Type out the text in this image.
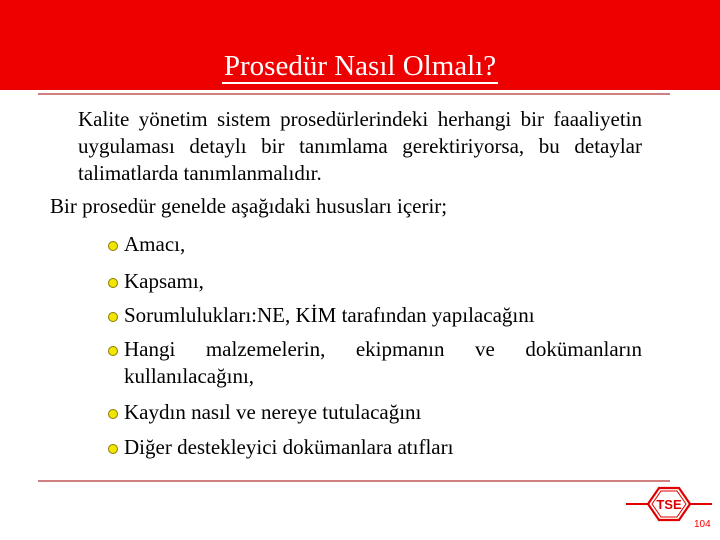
Prosedür Nasıl Olmalı?
Kalite yönetim sistem prosedürlerindeki herhangi bir faaaliyetin uygulaması detaylı bir tanımlama gerektiriyorsa, bu detaylar talimatlarda tanımlanmalıdır.
Bir prosedür genelde aşağıdaki hususları içerir;
Amacı,
Kapsamı,
Sorumlulukları:NE, KİM tarafından yapılacağını
Hangi malzemelerin, ekipmanın ve dokümanların kullanılacağını,
Kaydın nasıl ve nereye tutulacağını
Diğer destekleyici dokümanlara atıfları
TSE
104
